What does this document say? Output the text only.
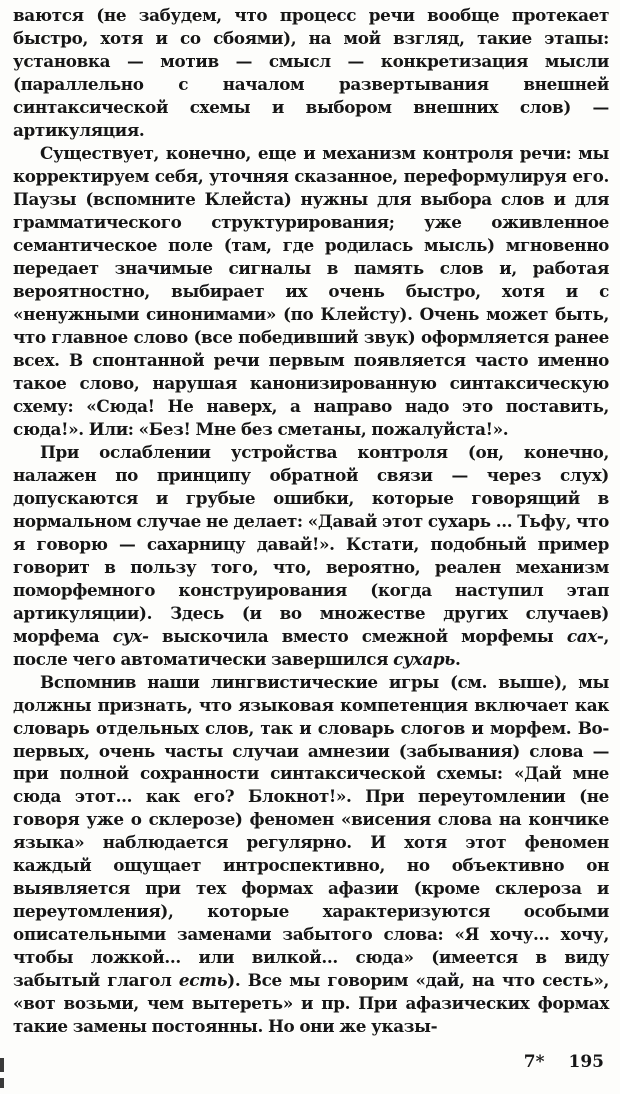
ваются (не забудем, что процесс речи вообще протекает быстро, хотя и со сбоями), на мой взгляд, такие этапы: установка — мотив — смысл — конкретизация мысли (параллельно с началом развертывания внешней синтаксической схемы и выбором внешних слов) — артикуляция.

Существует, конечно, еще и механизм контроля речи: мы корректируем себя, уточняя сказанное, переформулируя его. Паузы (вспомните Клейста) нужны для выбора слов и для грамматического структурирования; уже оживленное семантическое поле (там, где родилась мысль) мгновенно передает значимые сигналы в память слов и, работая вероятностно, выбирает их очень быстро, хотя и с «ненужными синонимами» (по Клейсту). Очень может быть, что главное слово (все победивший звук) оформляется ранее всех. В спонтанной речи первым появляется часто именно такое слово, нарушая канонизированную синтаксическую схему: «Сюда! Не наверх, а направо надо это поставить, сюда!». Или: «Без! Мне без сметаны, пожалуйста!».

При ослаблении устройства контроля (он, конечно, налажен по принципу обратной связи — через слух) допускаются и грубые ошибки, которые говорящий в нормальном случае не делает: «Давай этот сухарь ... Тьфу, что я говорю — сахарницу давай!». Кстати, подобный пример говорит в пользу того, что, вероятно, реален механизм поморфемного конструирования (когда наступил этап артикуляции). Здесь (и во множестве других случаев) морфема сух- выскочила вместо смежной морфемы сах-, после чего автоматически завершился сухарь.

Вспомнив наши лингвистические игры (см. выше), мы должны признать, что языковая компетенция включает как словарь отдельных слов, так и словарь слогов и морфем. Во-первых, очень часты случаи амнезии (забывания) слова — при полной сохранности синтаксической схемы: «Дай мне сюда этот... как его? Блокнот!». При переутомлении (не говоря уже о склерозе) феномен «висения слова на кончике языка» наблюдается регулярно. И хотя этот феномен каждый ощущает интроспективно, но объективно он выявляется при тех формах афазии (кроме склероза и переутомления), которые характеризуются особыми описательными заменами забытого слова: «Я хочу... хочу, чтобы ложкой... или вилкой... сюда» (имеется в виду забытый глагол есть). Все мы говорим «дай, на что сесть», «вот возьми, чем вытереть» и пр. При афазических формах такие замены постоянны. Но они же указы-

7* 195
